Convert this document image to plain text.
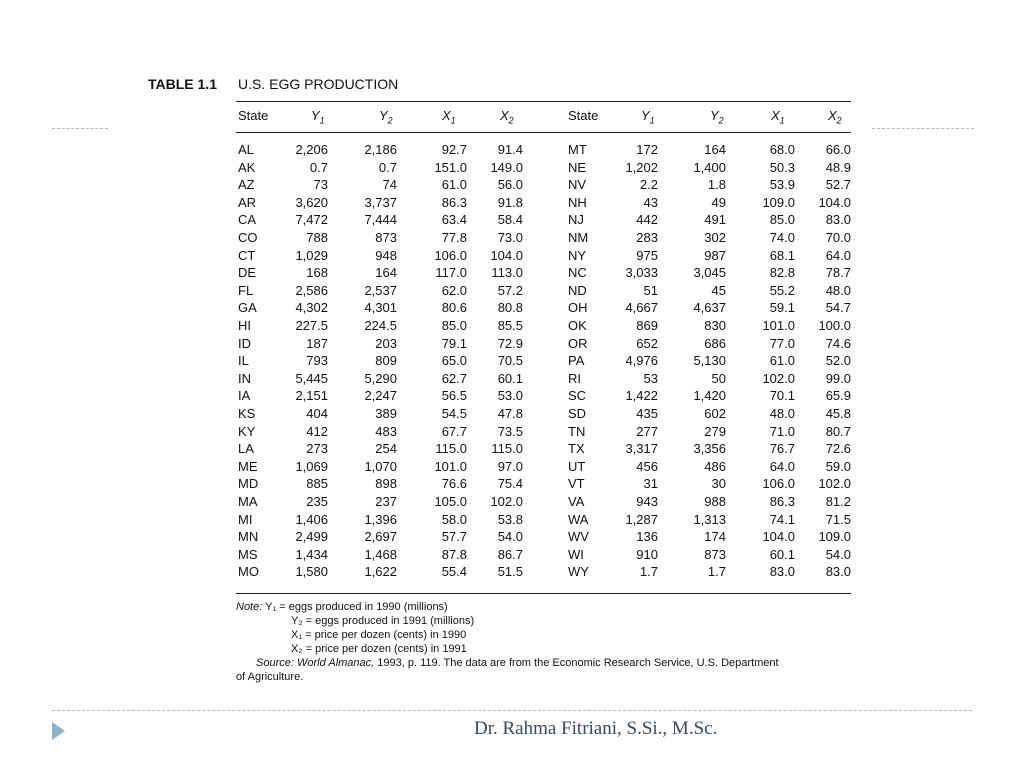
Dr. Rahma Fitriani, S.Si., M.Sc.
TABLE 1.1 U.S. EGG PRODUCTION
State	$Y_1$	$Y_2$	$X_1$	$X_2$	State	$Y_1$	$Y_2$	$X_1$	$X_2$
AL	2,206	2,186	92.7 91.4	MT	172	164	68.0 66.0
AK	0.7	0.7	151.0 149.0	NE	1,202	1,400	50.3 48.9
AZ	73	74	61.0 56.0	NV	2.2	1.8	53.9 52.7
AR	3,620	3,737	86.3 91.8	NH	43	49	109.0 104.0
CA	7,472	7,444	63.4 58.4	NJ	442	491	85.0 83.0
CO	788	873	77.8 73.0	NM	283	302	74.0 70.0
CT	1,029	948	106.0 104.0	NY	975	987	68.1 64.0
DE	168	164	117.0 113.0	NC	3,033	3,045	82.8 78.7
FL	2,586	2,537	62.0 57.2	ND	51	45	55.2 48.0
GA	4,302	4,301	80.6 80.8	OH	4,667	4,637	59.1 54.7
HI	227.5	224.5	85.0 85.5	OK	869	830	101.0 100.0
ID	187	203	79.1 72.9	OR	652	686	77.0 74.6
IL	793	809	65.0 70.5	PA	4,976	5,130	61.0 52.0
IN	5,445	5,290	62.7 60.1	RI	53	50	102.0 99.0
IA	2,151	2,247	56.5 53.0	SC	1,422	1,420	70.1 65.9
KS	404	389	54.5 47.8	SD	435	602	48.0 45.8
KY	412	483	67.7 73.5	TN	277	279	71.0 80.7
LA	273	254	115.0 115.0	TX	3,317	3,356	76.7 72.6
ME	1,069	1,070	101.0 97.0	UT	456	486	64.0 59.0
MD	885	898	76.6 75.4	VT	31	30	106.0 102.0
MA	235	237	105.0 102.0	VA	943	988	86.3 81.2
MI	1,406	1,396	58.0 53.8	WA	1,287	1,313	74.1 71.5
MN	2,499	2,697	57.7 54.0	WV	136	174	104.0 109.0
MS	1,434	1,468	87.8 86.7	WI	910	873	60.1 54.0
MO	1,580	1,622	55.4 51.5	WY	1.7	1.7	83.0 83.0
Note: Y₁ = eggs produced in 1990 (millions)
Y₂ = eggs produced in 1991 (millions)
X₁ = price per dozen (cents) in 1990
X₂ = price per dozen (cents) in 1991
Source: World Almanac, 1993, p. 119. The data are from the Economic Research Service, U.S. Department
of Agriculture.
